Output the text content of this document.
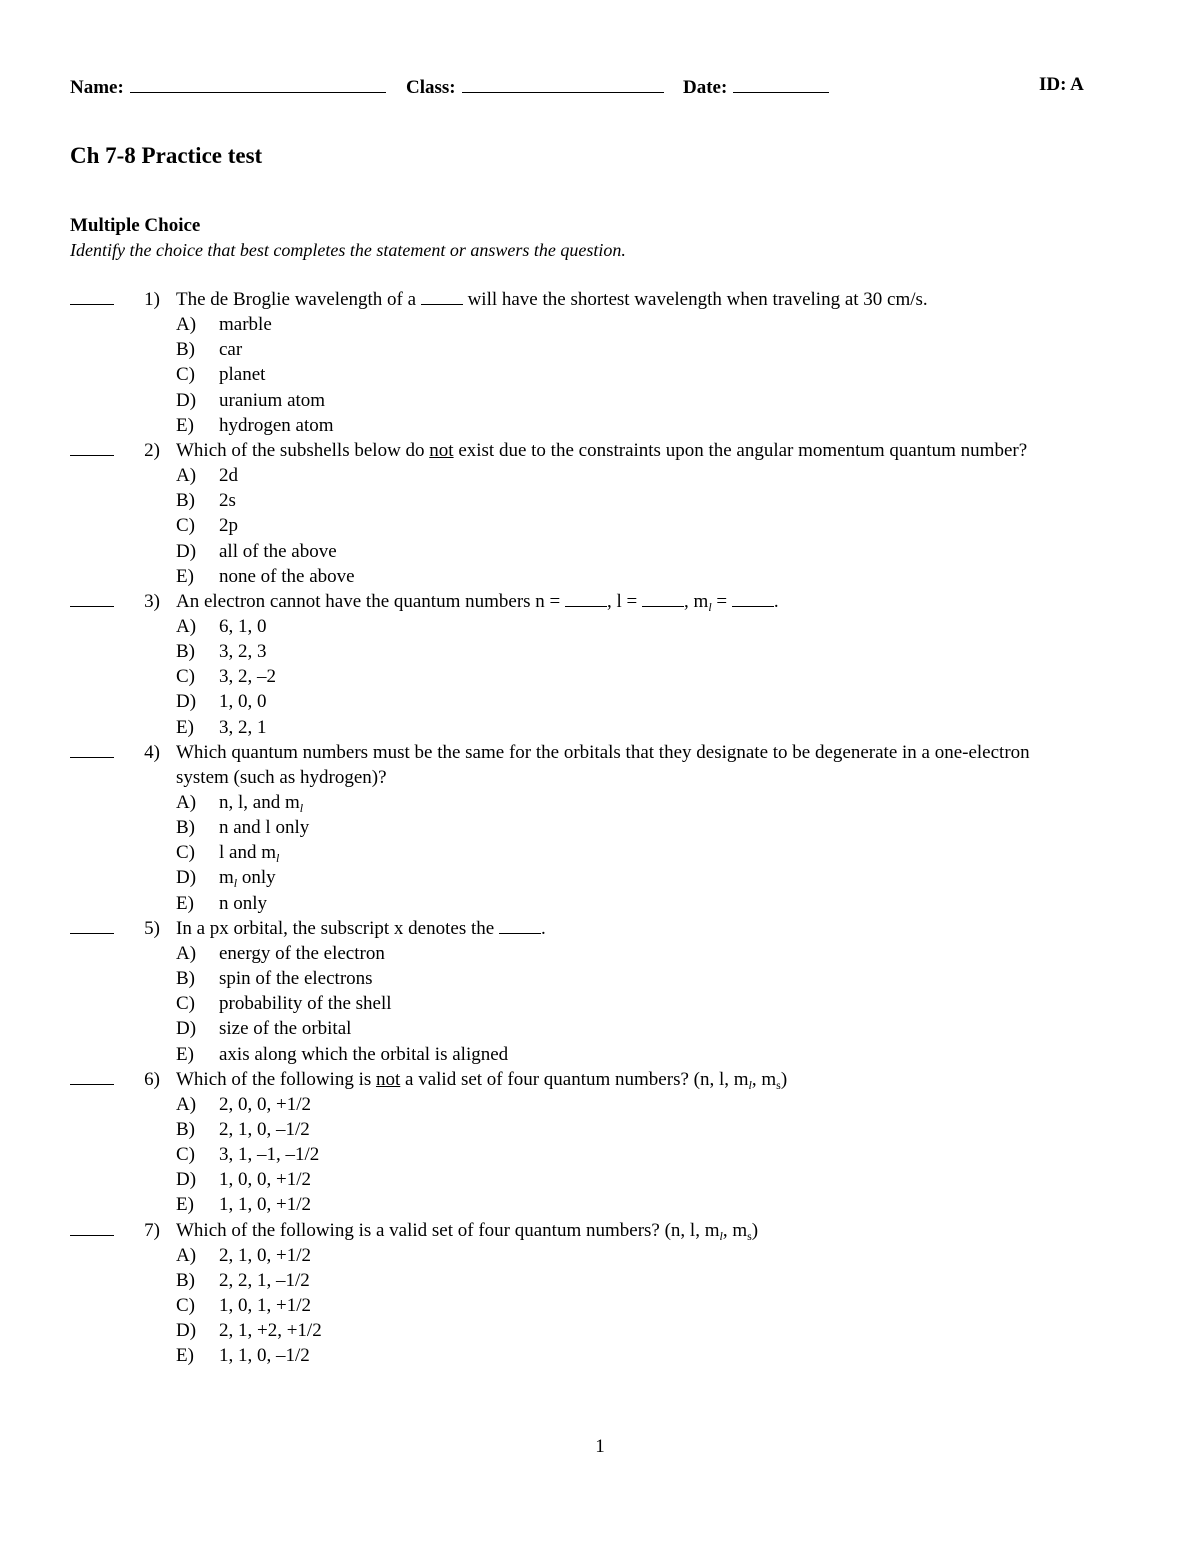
Name:	Class:	Date:	ID: A
Ch 7-8 Practice test
Multiple Choice
Identify the choice that best completes the statement or answers the question.
1) The de Broglie wavelength of a	will have the shortest wavelength when traveling at 30 cm/s.
A) marble
B) car
C) planet
D) uranium atom
E) hydrogen atom
2) Which of the subshells below do not exist due to the constraints upon the angular momentum quantum number?
A) 2d
B) 2s
C) 2p
D) all of the above
E) none of the above
3) An electron cannot have the quantum numbers n = , l = , $m_l$ = .
A) 6, 1, 0
B) 3, 2, 3
C) 3, 2, –2
D) 1, 0, 0
E) 3, 2, 1
4) Which quantum numbers must be the same for the orbitals that they designate to be degenerate in a one-electron
system (such as hydrogen)?
A) n, l, and $m_l$
B) n and l only
C) l and $m_l$
D) $m_l$ only
E) n only
5) In a px orbital, the subscript x denotes the .
A) energy of the electron
B) spin of the electrons
C) probability of the shell
D) size of the orbital
E) axis along which the orbital is aligned
6) Which of the following is not a valid set of four quantum numbers? (n, l, $m_l$, $m_s$)
A) 2, 0, 0, +1/2
B) 2, 1, 0, –1/2
C) 3, 1, –1, –1/2
D) 1, 0, 0, +1/2
E) 1, 1, 0, +1/2
7) Which of the following is a valid set of four quantum numbers? (n, l, $m_l$, $m_s$)
A) 2, 1, 0, +1/2
B) 2, 2, 1, –1/2
C) 1, 0, 1, +1/2
D) 2, 1, +2, +1/2
E) 1, 1, 0, –1/2
1
